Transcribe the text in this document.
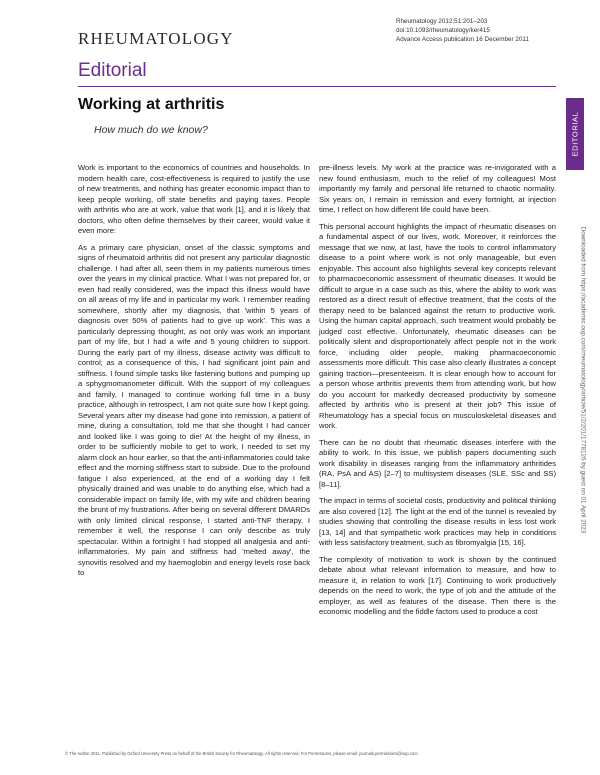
RHEUMATOLOGY
Rheumatology 2012;51:201–203
doi:10.1093/rheumatology/ker415
Advance Access publication 16 December 2011
Editorial
Working at arthritis
How much do we know?	EDITORIAL
Downloaded from https://academic.oup.com/rheumatology/article/51/2/201/1778126 by guest on 01 April 2023

Work is important to the economics of countries and households. In modern health care, cost-effectiveness is required to justify the use of new treatments, and nothing has greater economic impact than to keep people working, off state benefits and paying taxes. People with arthritis who are at work, value that work [1], and it is likely that doctors, who often define themselves by their career, would value it even more:

As a primary care physician, onset of the classic symptoms and signs of rheumatoid arthritis did not present any particular diagnostic challenge. I had after all, seen them in my patients numerous times over the years in my clinical practice. What I was not prepared for, or even had really considered, was the impact this illness would have on all areas of my life and in particular my work. I remember reading somewhere, shortly after my diagnosis, that 'within 5 years of diagnosis over 50% of patients had to give up work'. This was a particularly depressing thought, as not only was work an important part of my life, but I had a wife and 5 young children to support. During the early part of my illness, disease activity was difficult to control; as a consequence of this, I had significant joint pain and stiffness. I found simple tasks like fastening buttons and pumping up a sphygmomanometer difficult. With the support of my colleagues and family, I managed to continue working full time in a busy practice, although in retrospect, I am not quite sure how I kept going. Several years after my disease had gone into remission, a patient of mine, during a consultation, told me that she thought I had cancer and looked like I was going to die! At the height of my illness, in order to be sufficiently mobile to get to work, I needed to set my alarm clock an hour earlier, so that the anti-inflammatories could take effect and the morning stiffness start to subside. Due to the profound fatigue I also experienced, at the end of a working day I felt physically drained and was unable to do anything else, which had a considerable impact on family life, with my wife and children bearing the brunt of my frustrations. After being on several different DMARDs with only limited clinical response, I started anti-TNF therapy. I remember it well, the response I can only describe as truly spectacular. Within a fortnight I had stopped all analgesia and anti-inflammatories. My pain and stiffness had 'melted away', the synovitis resolved and my haemoglobin and energy levels rose back to

pre-illness levels. My work at the practice was re-invigorated with a new found enthusiasm, much to the relief of my colleagues! Most importantly my family and personal life returned to chaotic normality. Six years on, I remain in remission and every fortnight, at injection time, I reflect on how different life could have been.

This personal account highlights the impact of rheumatic diseases on a fundamental aspect of our lives, work. Moreover, it reinforces the message that we now, at last, have the tools to control inflammatory disease to a point where work is not only manageable, but even enjoyable. This account also highlights several key concepts relevant to pharmacoeconomic assessment of rheumatic diseases. It would be difficult to argue in a case such as this, where the ability to work was restored as a direct result of effective treatment, that the costs of the therapy need to be balanced against the return to productive work. Using the human capital approach, such treatment would probably be judged cost effective. Unfortunately, rheumatic diseases can be politically silent and disproportionately affect people not in the work force, including older people, making pharmacoeconomic assessments more difficult. This case also clearly illustrates a concept gaining traction—presenteeism. It is clear enough how to account for a person whose arthritis prevents them from attending work, but how do you account for markedly decreased productivity by someone affected by arthritis who is present at their job? This issue of Rheumatology has a special focus on musculoskeletal diseases and work.

There can be no doubt that rheumatic diseases interfere with the ability to work. In this issue, we publish papers documenting such work disability in diseases ranging from the inflammatory arthritides (RA, PsA and AS) [2–7] to multisystem diseases (SLE, SSc and SS) [8–11].

The impact in terms of societal costs, productivity and political thinking are also covered [12]. The light at the end of the tunnel is revealed by studies showing that controlling the disease results in less lost work [13, 14] and that sympathetic work practices may help in conditions with less satisfactory treatment, such as fibromyalgia [15, 16].

The complexity of motivation to work is shown by the continued debate about what relevant information to measure, and how to measure it, in relation to work [17]. Continuing to work productively depends on the need to work, the type of job and the attitude of the employer, as well as features of the disease. Then there is the economic modelling and the fiddle factors used to produce a cost

© The Author 2011. Published by Oxford University Press on behalf of the British Society for Rheumatology. All rights reserved. For Permissions, please email: journals.permissions@oup.com
